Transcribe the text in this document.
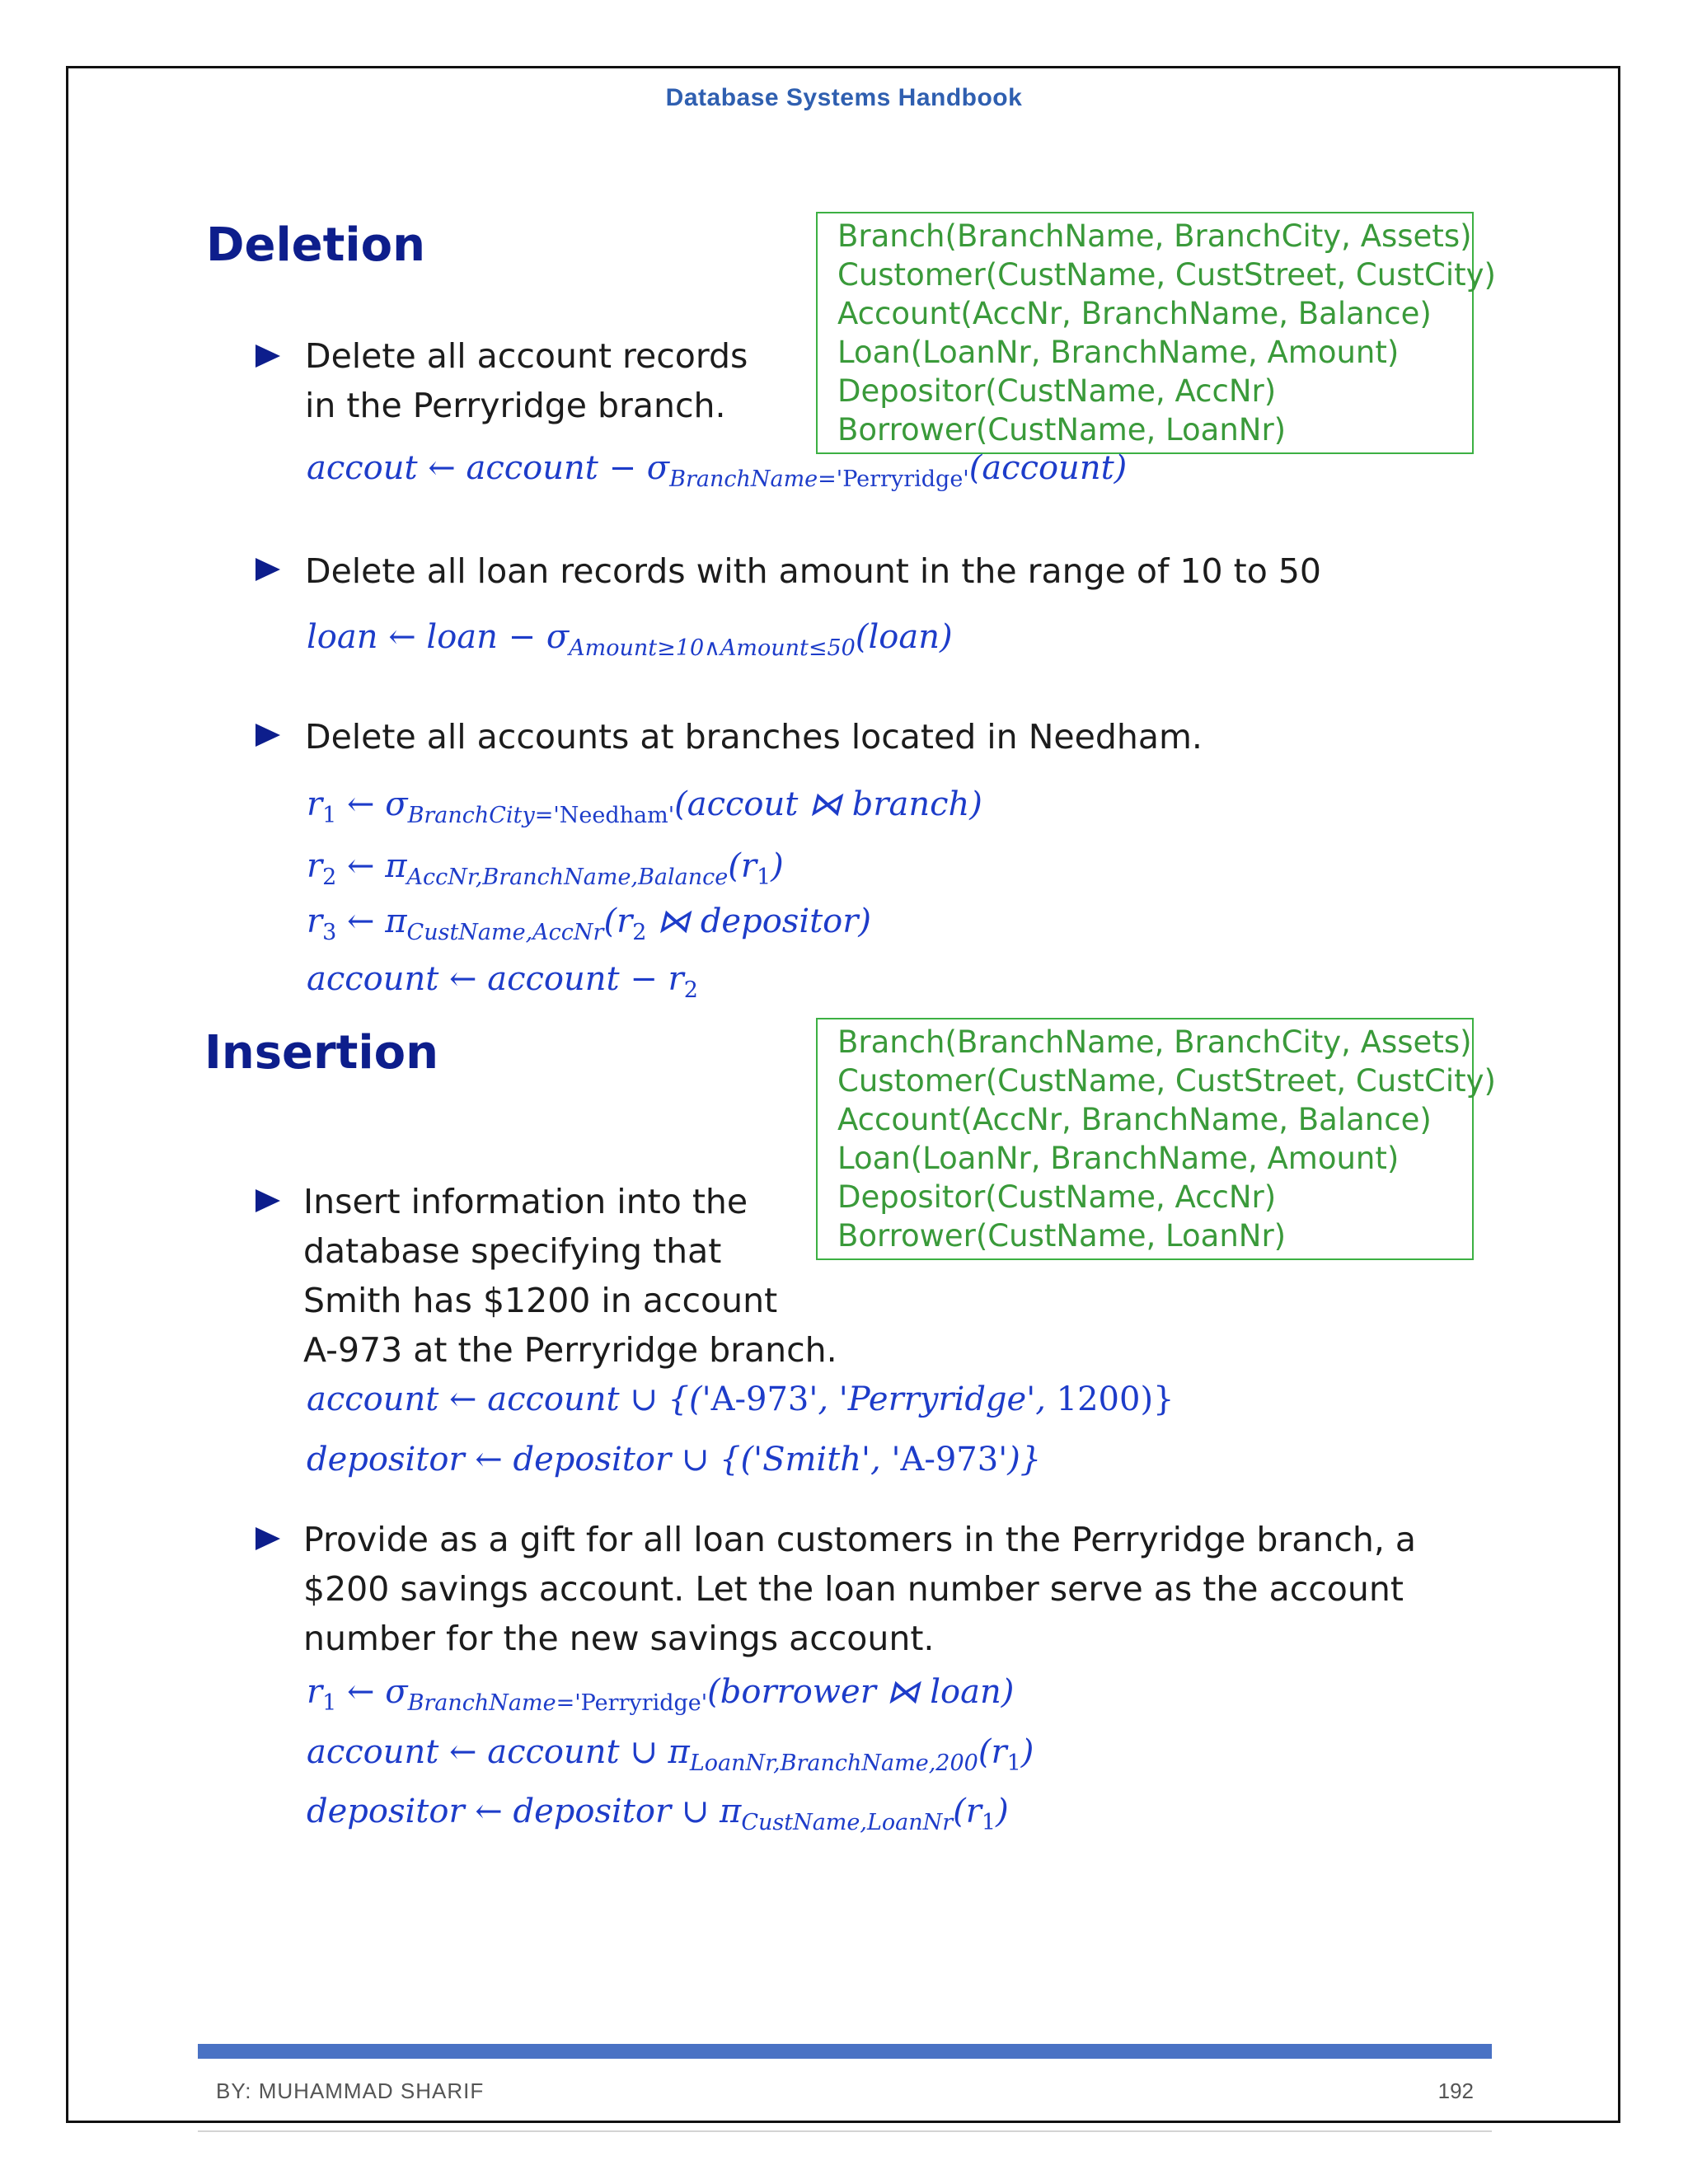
Database Systems Handbook
Deletion	Branch(BranchName, BranchCity, Assets)
Customer(CustName, CustStreet, CustCity)
Account(AccNr, BranchName, Balance)
Loan(LoanNr, BranchName, Amount)
Depositor(CustName, AccNr)
Borrower(CustName, LoanNr)
Delete all account records
in the Perryridge branch.
accout ← account − $\sigma_{BranchName='Perryridge'}(account)$
Delete all loan records with amount in the range of 10 to 50
loan ← loan − $\sigma_{Amount\ge 10\wedge Amount\le 50}(loan)$
Delete all accounts at branches located in Needham.
$r_1$ ← $\sigma_{BranchCity='Needham'}(accout$ ⋈ branch)
$r_2$ ← $\pi_{AccNr,BranchName,Balance}(r_1)$
$r_3$ ← $\pi_{CustName,AccNr}(r_2$ ⋈ depositor)
account ← account − $r_2$
Insertion	Branch(BranchName, BranchCity, Assets)
Customer(CustName, CustStreet, CustCity)
Account(AccNr, BranchName, Balance)
Loan(LoanNr, BranchName, Amount)
Depositor(CustName, AccNr)
Borrower(CustName, LoanNr)
Insert information into the
database specifying that
Smith has $1200 in account
A-973 at the Perryridge branch.
account ← account ∪ {('A-973', 'Perryridge', 1200)}
depositor ← depositor ∪ {('Smith', 'A-973')}
Provide as a gift for all loan customers in the Perryridge branch, a
$200 savings account. Let the loan number serve as the account
number for the new savings account.
$r_1$ ← $\sigma_{BranchName='Perryridge'}(borrower$ ⋈ loan)
account ← account ∪ $\pi_{LoanNr,BranchName,200}(r_1)$
depositor ← depositor ∪ $\pi_{CustName,LoanNr}(r_1)$
BY: MUHAMMAD SHARIF	192
